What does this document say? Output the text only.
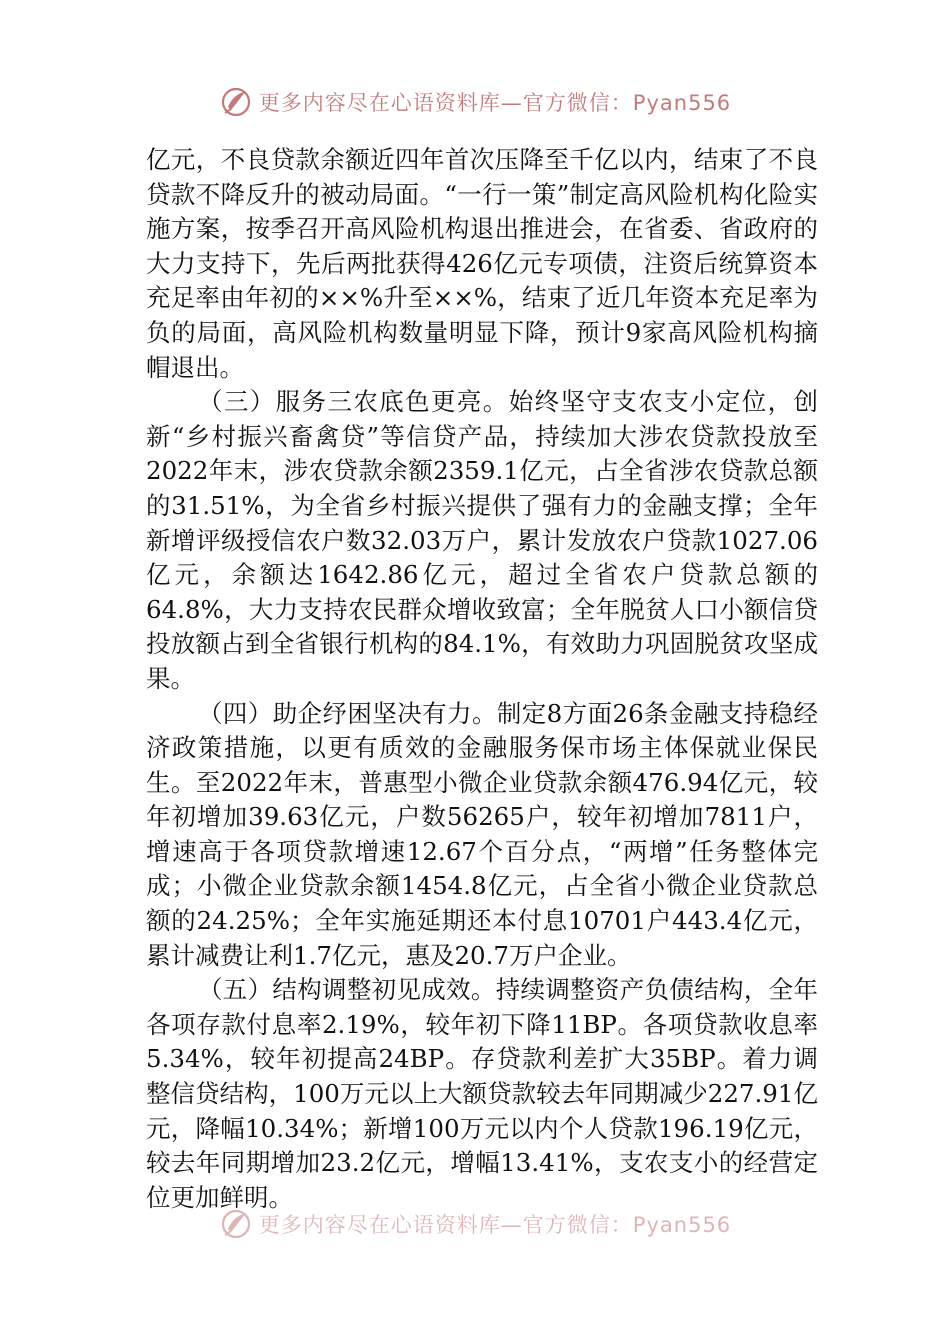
更多内容尽在心语资料库—官方微信：Pyan556

亿元，不良贷款余额近四年首次压降至千亿以内，结束了不良贷款不降反升的被动局面。“一行一策”制定高风险机构化险实施方案，按季召开高风险机构退出推进会，在省委、省政府的大力支持下，先后两批获得426亿元专项债，注资后统算资本充足率由年初的××%升至××%，结束了近几年资本充足率为负的局面，高风险机构数量明显下降，预计9家高风险机构摘帽退出。

（三）服务三农底色更亮。始终坚守支农支小定位，创新“乡村振兴畜禽贷”等信贷产品，持续加大涉农贷款投放至2022年末，涉农贷款余额2359.1亿元，占全省涉农贷款总额的31.51%，为全省乡村振兴提供了强有力的金融支撑；全年新增评级授信农户数32.03万户，累计发放农户贷款1027.06亿元，余额达1642.86亿元，超过全省农户贷款总额的64.8%，大力支持农民群众增收致富；全年脱贫人口小额信贷投放额占到全省银行机构的84.1%，有效助力巩固脱贫攻坚成果。

（四）助企纾困坚决有力。制定8方面26条金融支持稳经济政策措施，以更有质效的金融服务保市场主体保就业保民生。至2022年末，普惠型小微企业贷款余额476.94亿元，较年初增加39.63亿元，户数56265户，较年初增加7811户，增速高于各项贷款增速12.67个百分点，“两增”任务整体完成；小微企业贷款余额1454.8亿元，占全省小微企业贷款总额的24.25%；全年实施延期还本付息10701户443.4亿元，累计减费让利1.7亿元，惠及20.7万户企业。

（五）结构调整初见成效。持续调整资产负债结构，全年各项存款付息率2.19%，较年初下降11BP。各项贷款收息率5.34%，较年初提高24BP。存贷款利差扩大35BP。着力调整信贷结构，100万元以上大额贷款较去年同期减少227.91亿元，降幅10.34%；新增100万元以内个人贷款196.19亿元，较去年同期增加23.2亿元，增幅13.41%，支农支小的经营定位更加鲜明。

更多内容尽在心语资料库—官方微信：Pyan556
